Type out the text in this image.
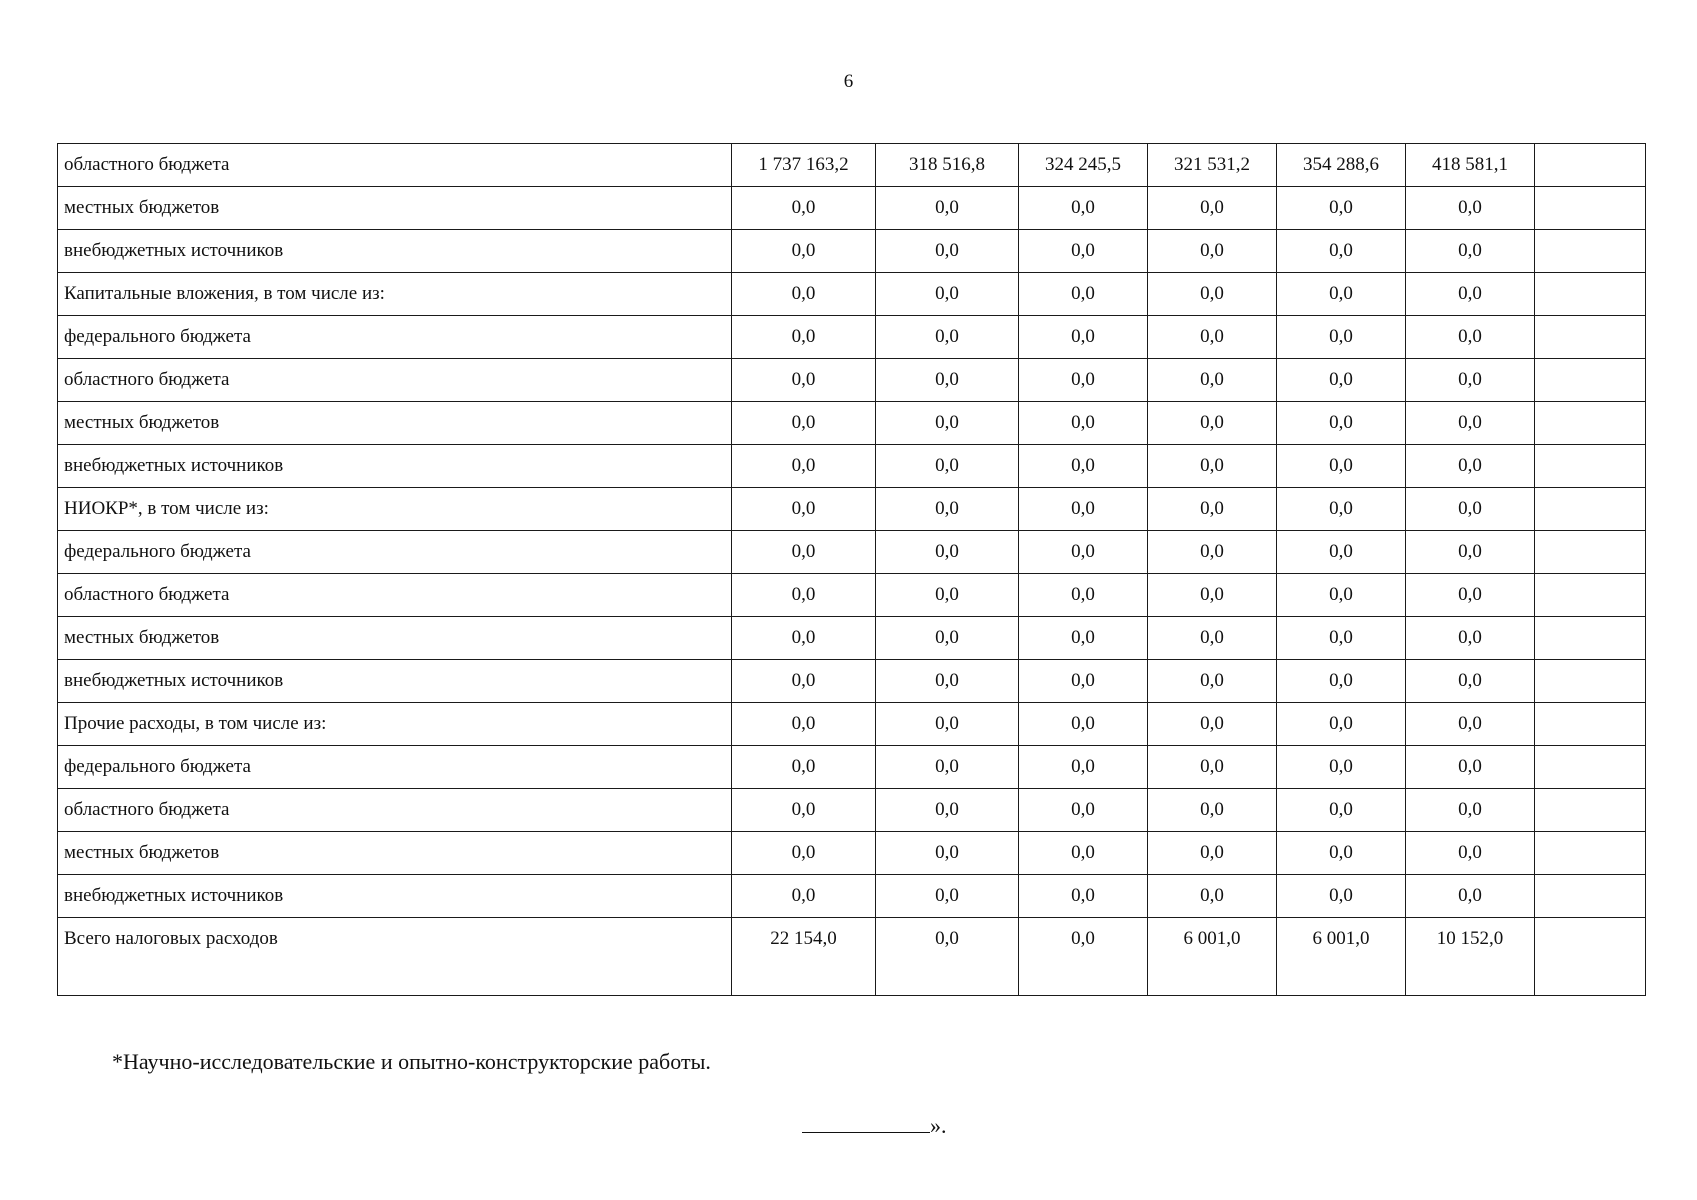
6
областного бюджета	1 737 163,2	318 516,8	324 245,5	321 531,2	354 288,6	418 581,1	
местных бюджетов	0,0	0,0	0,0	0,0	0,0	0,0	
внебюджетных источников	0,0	0,0	0,0	0,0	0,0	0,0	
Капитальные вложения, в том числе из:	0,0	0,0	0,0	0,0	0,0	0,0	
федерального бюджета	0,0	0,0	0,0	0,0	0,0	0,0	
областного бюджета	0,0	0,0	0,0	0,0	0,0	0,0	
местных бюджетов	0,0	0,0	0,0	0,0	0,0	0,0	
внебюджетных источников	0,0	0,0	0,0	0,0	0,0	0,0	
НИОКР*, в том числе из:	0,0	0,0	0,0	0,0	0,0	0,0	
федерального бюджета	0,0	0,0	0,0	0,0	0,0	0,0	
областного бюджета	0,0	0,0	0,0	0,0	0,0	0,0	
местных бюджетов	0,0	0,0	0,0	0,0	0,0	0,0	
внебюджетных источников	0,0	0,0	0,0	0,0	0,0	0,0	
Прочие расходы, в том числе из:	0,0	0,0	0,0	0,0	0,0	0,0	
федерального бюджета	0,0	0,0	0,0	0,0	0,0	0,0	
областного бюджета	0,0	0,0	0,0	0,0	0,0	0,0	
местных бюджетов	0,0	0,0	0,0	0,0	0,0	0,0	
внебюджетных источников	0,0	0,0	0,0	0,0	0,0	0,0	
Всего налоговых расходов	22 154,0	0,0	0,0	6 001,0	6 001,0	10 152,0	
*Научно-исследовательские и опытно-конструкторские работы.
».
